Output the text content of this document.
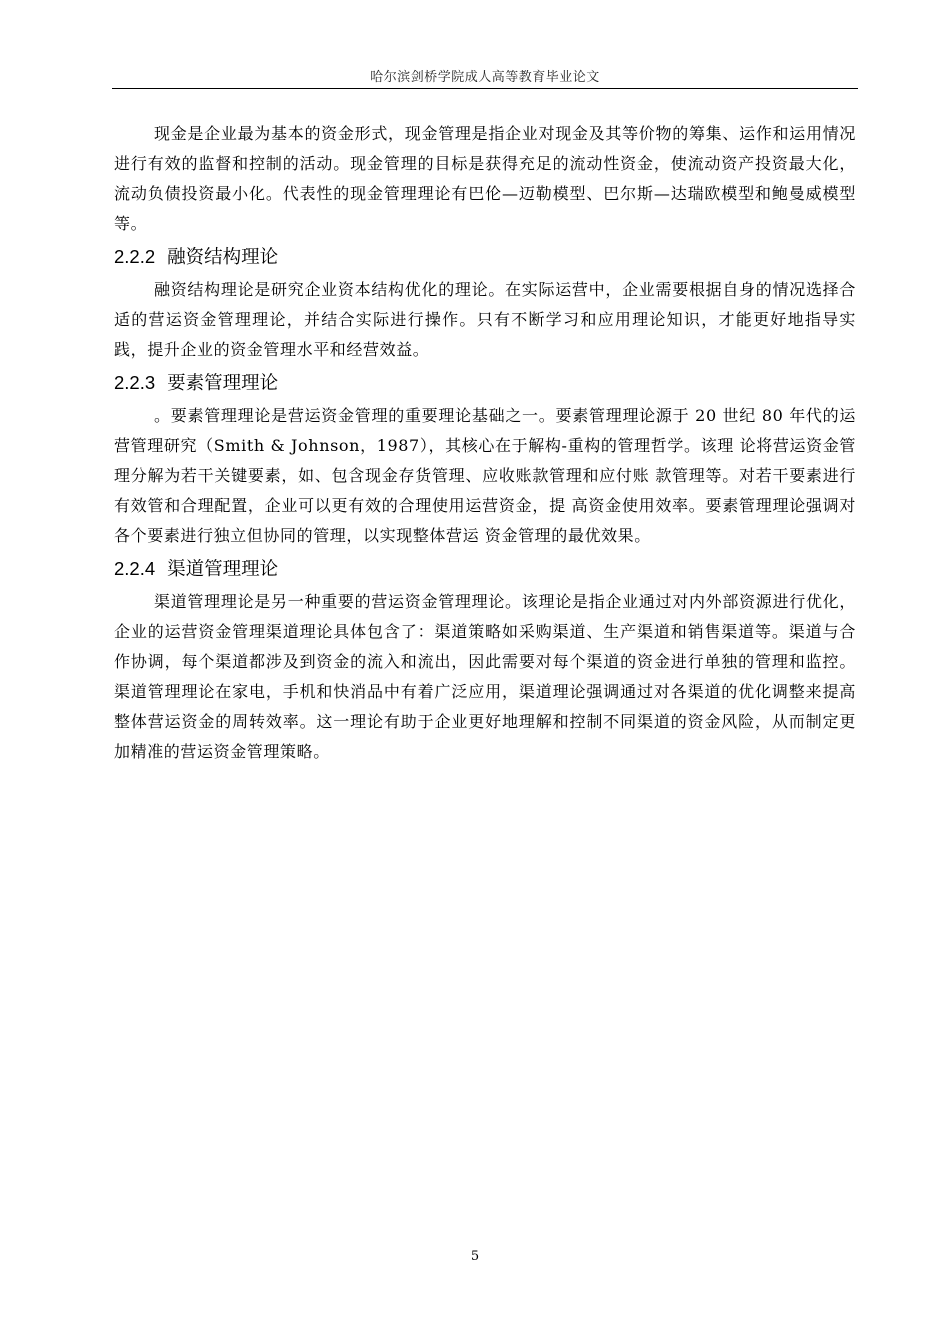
哈尔滨剑桥学院成人高等教育毕业论文

现金是企业最为基本的资金形式，现金管理是指企业对现金及其等价物的筹集、运作和运用情况进行有效的监督和控制的活动。现金管理的目标是获得充足的流动性资金，使流动资产投资最大化，流动负债投资最小化。代表性的现金管理理论有巴伦—迈勒模型、巴尔斯—达瑞欧模型和鲍曼威模型等。

2.2.2 融资结构理论

融资结构理论是研究企业资本结构优化的理论。在实际运营中，企业需要根据自身的情况选择合适的营运资金管理理论，并结合实际进行操作。只有不断学习和应用理论知识，才能更好地指导实践，提升企业的资金管理水平和经营效益。

2.2.3 要素管理理论

。要素管理理论是营运资金管理的重要理论基础之一。要素管理理论源于 20 世纪 80 年代的运营管理研究（Smith & Johnson，1987），其核心在于解构-重构的管理哲学。该理 论将营运资金管理分解为若干关键要素，如、包含现金存货管理、应收账款管理和应付账 款管理等。对若干要素进行有效管和合理配置，企业可以更有效的合理使用运营资金，提 高资金使用效率。要素管理理论强调对各个要素进行独立但协同的管理，以实现整体营运 资金管理的最优效果。

2.2.4 渠道管理理论

渠道管理理论是另一种重要的营运资金管理理论。该理论是指企业通过对内外部资源进行优化，企业的运营资金管理渠道理论具体包含了：渠道策略如采购渠道、生产渠道和销售渠道等。渠道与合作协调，每个渠道都涉及到资金的流入和流出，因此需要对每个渠道的资金进行单独的管理和监控。渠道管理理论在家电，手机和快消品中有着广泛应用，渠道理论强调通过对各渠道的优化调整来提高整体营运资金的周转效率。这一理论有助于企业更好地理解和控制不同渠道的资金风险，从而制定更加精准的营运资金管理策略。

5
